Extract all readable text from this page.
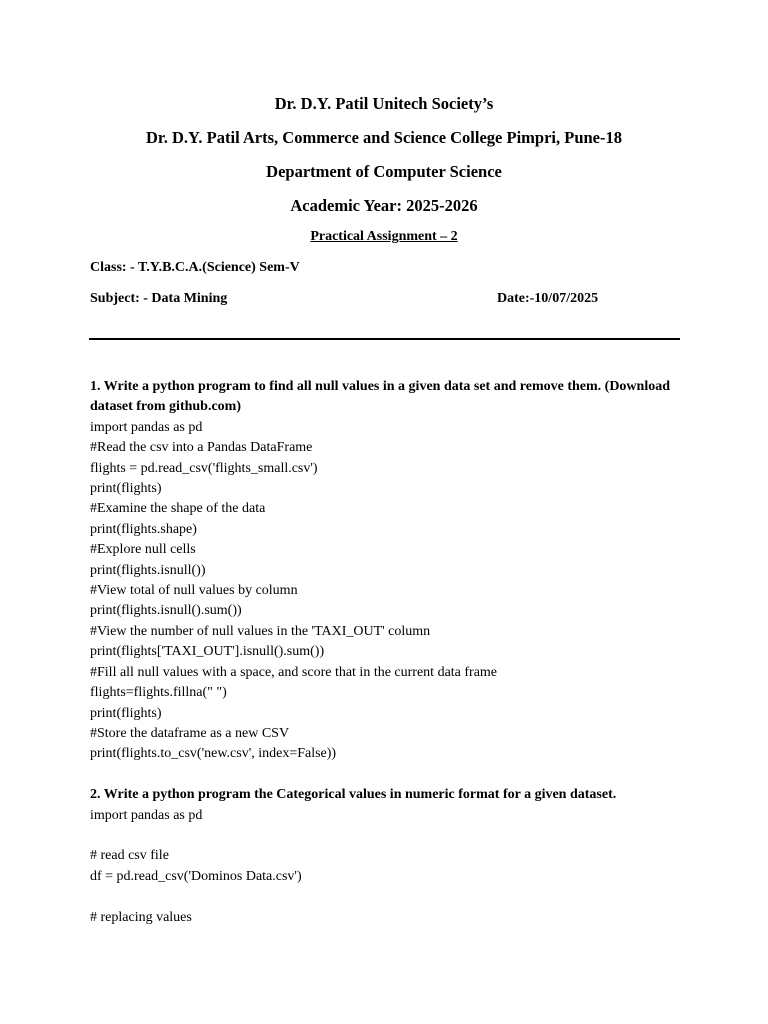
Dr. D.Y. Patil Unitech Society’s
Dr. D.Y. Patil Arts, Commerce and Science College Pimpri, Pune-18
Department of Computer Science
Academic Year: 2025-2026
Practical Assignment – 2
Class: - T.Y.B.C.A.(Science) Sem-V
Subject: - Data Mining	Date:-10/07/2025
1. Write a python program to find all null values in a given data set and remove them. (Download
dataset from github.com)
import pandas as pd
#Read the csv into a Pandas DataFrame
flights = pd.read_csv('flights_small.csv')
print(flights)
#Examine the shape of the data
print(flights.shape)
#Explore null cells
print(flights.isnull())
#View total of null values by column
print(flights.isnull().sum())
#View the number of null values in the 'TAXI_OUT' column
print(flights['TAXI_OUT'].isnull().sum())
#Fill all null values with a space, and score that in the current data frame
flights=flights.fillna(" ")
print(flights)
#Store the dataframe as a new CSV
print(flights.to_csv('new.csv', index=False))
2. Write a python program the Categorical values in numeric format for a given dataset.
import pandas as pd
# read csv file
df = pd.read_csv('Dominos Data.csv')
# replacing values
